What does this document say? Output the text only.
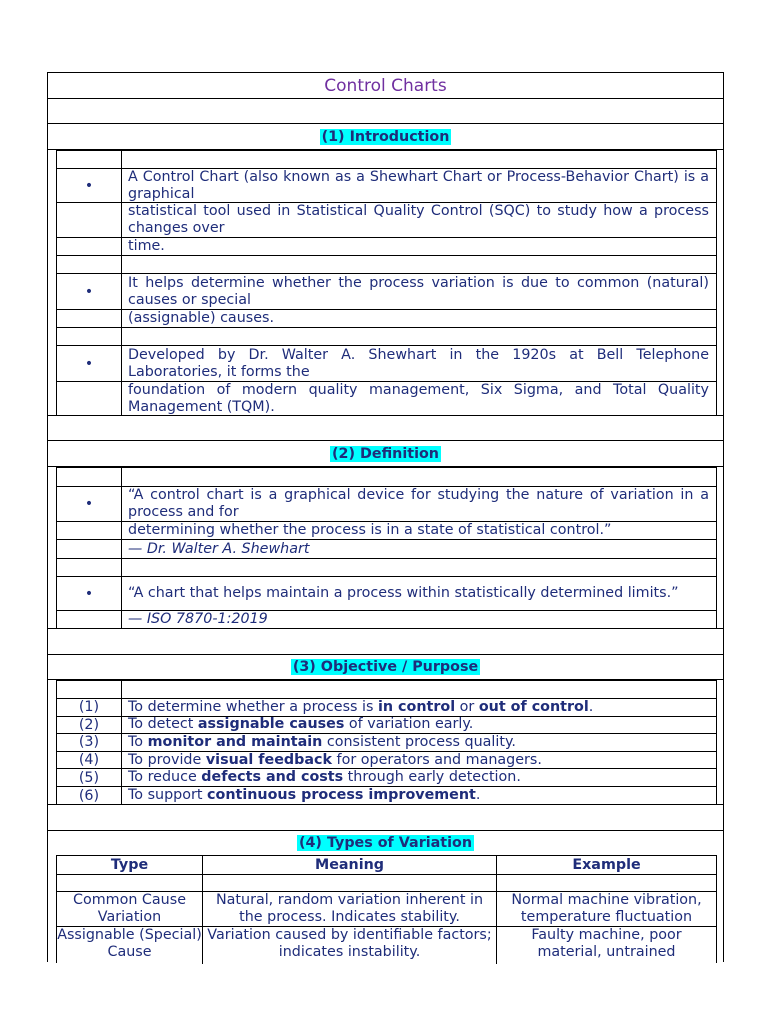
Control Charts
(1) Introduction
•
A Control Chart (also known as a Shewhart Chart or Process-Behavior Chart) is a graphical
statistical tool used in Statistical Quality Control (SQC) to study how a process changes over
time.
•
It helps determine whether the process variation is due to common (natural) causes or special
(assignable) causes.
•
Developed by Dr. Walter A. Shewhart in the 1920s at Bell Telephone Laboratories, it forms the
foundation of modern quality management, Six Sigma, and Total Quality Management (TQM).
(2) Definition
•
“A control chart is a graphical device for studying the nature of variation in a process and for
determining whether the process is in a state of statistical control.”
— Dr. Walter A. Shewhart
• “A chart that helps maintain a process within statistically determined limits.”
— ISO 7870-1:2019
(3) Objective / Purpose
(1) To determine whether a process is in control or out of control.
(2) To detect assignable causes of variation early.
(3) To monitor and maintain consistent process quality.
(4) To provide visual feedback for operators and managers.
(5) To reduce defects and costs through early detection.
(6) To support continuous process improvement.
(4) Types of Variation
Type	Meaning	Example
Common Cause Variation
Natural, random variation inherent in the process. Indicates stability.
Normal machine vibration, temperature fluctuation
Assignable (Special) Cause
Variation caused by identifiable factors; indicates instability.
Faulty machine, poor material, untrained
